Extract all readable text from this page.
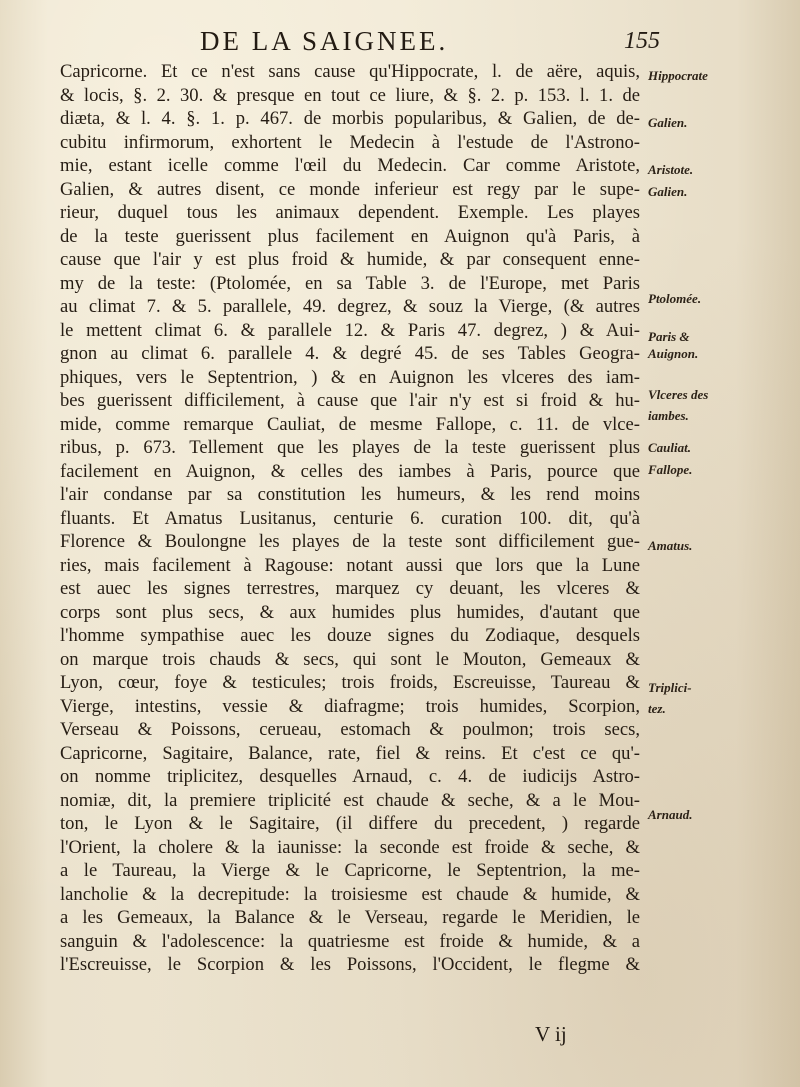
DE LA SAIGNEE.	155
Capricorne. Et ce n'est sans cause qu'Hippocrate, l. de aëre, aquis,
& locis, §. 2. 30. & presque en tout ce liure, & §. 2. p. 153. l. 1. de
diæta, & l. 4. §. 1. p. 467. de morbis popularibus, & Galien, de de-
cubitu infirmorum, exhortent le Medecin à l'estude de l'Astrono-
mie, estant icelle comme l'œil du Medecin. Car comme Aristote,
Galien, & autres disent, ce monde inferieur est regy par le supe-
rieur, duquel tous les animaux dependent. Exemple. Les playes
de la teste guerissent plus facilement en Auignon qu'à Paris, à
cause que l'air y est plus froid & humide, & par consequent enne-
my de la teste: (Ptolomée, en sa Table 3. de l'Europe, met Paris
au climat 7. & 5. parallele, 49. degrez, & souz la Vierge, (& autres
le mettent climat 6. & parallele 12. & Paris 47. degrez, ) & Aui-
gnon au climat 6. parallele 4. & degré 45. de ses Tables Geogra-
phiques, vers le Septentrion, ) & en Auignon les vlceres des iam-
bes guerissent difficilement, à cause que l'air n'y est si froid & hu-
mide, comme remarque Cauliat, de mesme Fallope, c. 11. de vlce-
ribus, p. 673. Tellement que les playes de la teste guerissent plus
facilement en Auignon, & celles des iambes à Paris, pource que
l'air condanse par sa constitution les humeurs, & les rend moins
fluants. Et Amatus Lusitanus, centurie 6. curation 100. dit, qu'à
Florence & Boulongne les playes de la teste sont difficilement gue-
ries, mais facilement à Ragouse: notant aussi que lors que la Lune
est auec les signes terrestres, marquez cy deuant, les vlceres &
corps sont plus secs, & aux humides plus humides, d'autant que
l'homme sympathise auec les douze signes du Zodiaque, desquels
on marque trois chauds & secs, qui sont le Mouton, Gemeaux &
Lyon, cœur, foye & testicules; trois froids, Escreuisse, Taureau &
Vierge, intestins, vessie & diafragme; trois humides, Scorpion,
Verseau & Poissons, cerueau, estomach & poulmon; trois secs,
Capricorne, Sagitaire, Balance, rate, fiel & reins. Et c'est ce qu'-
on nomme triplicitez, desquelles Arnaud, c. 4. de iudicijs Astro-
nomiæ, dit, la premiere triplicité est chaude & seche, & a le Mou-
ton, le Lyon & le Sagitaire, (il differe du precedent, ) regarde
l'Orient, la cholere & la iaunisse: la seconde est froide & seche, &
a le Taureau, la Vierge & le Capricorne, le Septentrion, la me-
lancholie & la decrepitude: la troisiesme est chaude & humide, &
a les Gemeaux, la Balance & le Verseau, regarde le Meridien, le
sanguin & l'adolescence: la quatriesme est froide & humide, & a
l'Escreuisse, le Scorpion & les Poissons, l'Occident, le flegme &
Hippocrate
Galien.
Aristote.
Galien.
Ptolomée.
Paris &
Auignon.
Vlceres des
iambes.
Cauliat.
Fallope.
Amatus.
Triplici-
tez.
Arnaud.
V ij
